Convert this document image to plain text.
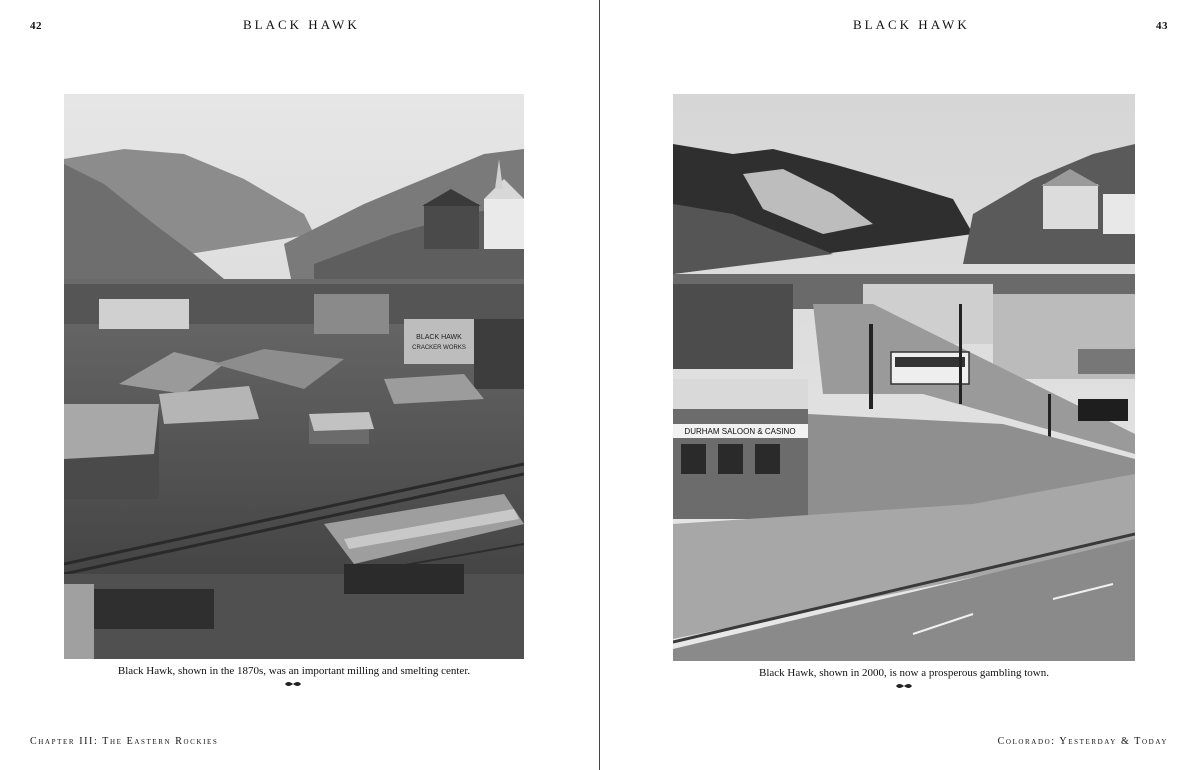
42	BLACK HAWK
BLACK HAWK
CRACKER WORKS
Black Hawk, shown in the 1870s, was an important milling and smelting center.
Chapter III: The Eastern Rockies
43
BLACK HAWK
DURHAM SALOON & CASINO
Black Hawk, shown in 2000, is now a prosperous gambling town.
Colorado: Yesterday & Today
